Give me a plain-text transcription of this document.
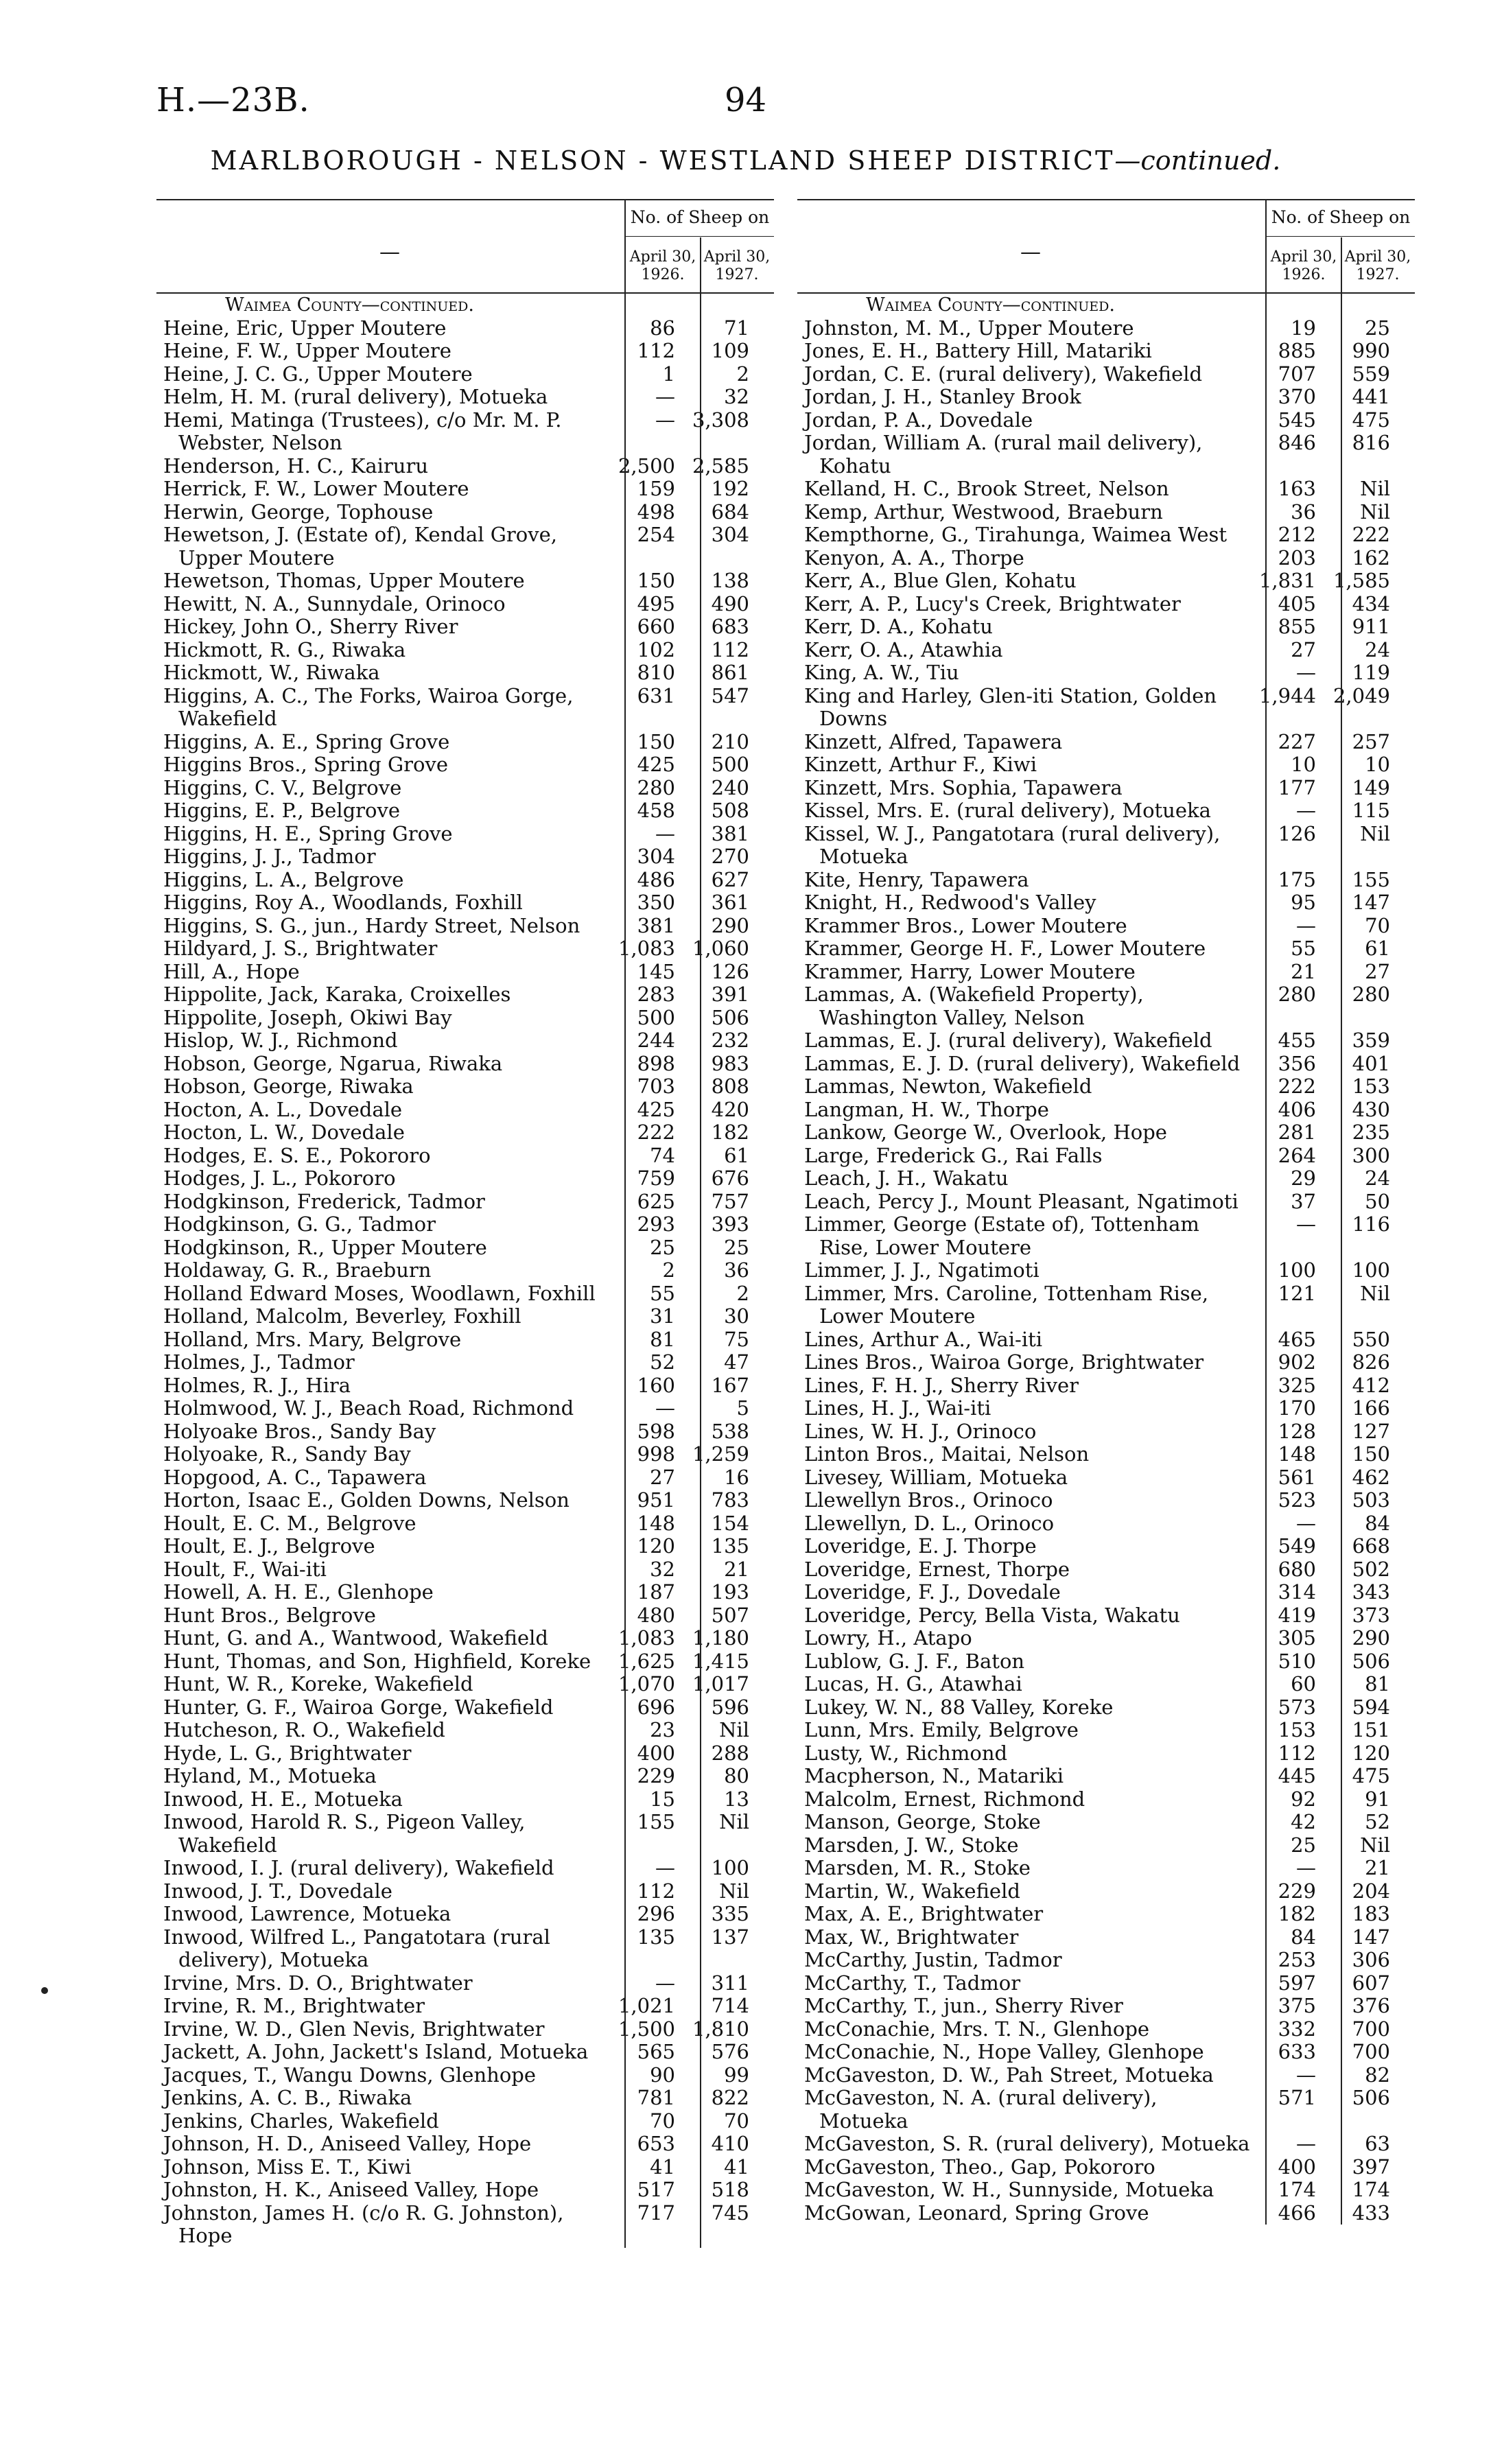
H.—23B.	94
MARLBOROUGH - NELSON - WESTLAND SHEEP DISTRICT—continued.
—
No. of Sheep on
April 30, 1926.
April 30, 1927.
Waimea County—continued.
Heine, Eric, Upper Moutere	86	71
Heine, F. W., Upper Moutere	112	109
Heine, J. C. G., Upper Moutere	1	2
Helm, H. M. (rural delivery), Motueka	—	32
Hemi, Matinga (Trustees), c/o Mr. M. P. Webster, Nelson
— 3,308
Henderson, H. C., Kairuru	2,500 2,585
Herrick, F. W., Lower Moutere	159	192
Herwin, George, Tophouse	498	684
Hewetson, J. (Estate of), Kendal Grove, Upper Moutere
254	304
Hewetson, Thomas, Upper Moutere	150	138
Hewitt, N. A., Sunnydale, Orinoco	495	490
Hickey, John O., Sherry River	660	683
Hickmott, R. G., Riwaka	102	112
Hickmott, W., Riwaka	810	861
Higgins, A. C., The Forks, Wairoa Gorge, Wakefield
631	547
Higgins, A. E., Spring Grove	150	210
Higgins Bros., Spring Grove	425	500
Higgins, C. V., Belgrove	280	240
Higgins, E. P., Belgrove	458	508
Higgins, H. E., Spring Grove	—	381
Higgins, J. J., Tadmor	304	270
Higgins, L. A., Belgrove	486	627
Higgins, Roy A., Woodlands, Foxhill	350	361
Higgins, S. G., jun., Hardy Street, Nelson	381	290
Hildyard, J. S., Brightwater	1,083 1,060
Hill, A., Hope	145	126
Hippolite, Jack, Karaka, Croixelles	283	391
Hippolite, Joseph, Okiwi Bay	500	506
Hislop, W. J., Richmond	244	232
Hobson, George, Ngarua, Riwaka	898	983
Hobson, George, Riwaka	703	808
Hocton, A. L., Dovedale	425	420
Hocton, L. W., Dovedale	222	182
Hodges, E. S. E., Pokororo	74	61
Hodges, J. L., Pokororo	759	676
Hodgkinson, Frederick, Tadmor	625	757
Hodgkinson, G. G., Tadmor	293	393
Hodgkinson, R., Upper Moutere	25	25
Holdaway, G. R., Braeburn	2	36
Holland Edward Moses, Woodlawn, Foxhill	55	2
Holland, Malcolm, Beverley, Foxhill	31	30
Holland, Mrs. Mary, Belgrove	81	75
Holmes, J., Tadmor	52	47
Holmes, R. J., Hira	160	167
Holmwood, W. J., Beach Road, Richmond	—	5
Holyoake Bros., Sandy Bay	598	538
Holyoake, R., Sandy Bay	998 1,259
Hopgood, A. C., Tapawera	27	16
Horton, Isaac E., Golden Downs, Nelson	951	783
Hoult, E. C. M., Belgrove	148	154
Hoult, E. J., Belgrove	120	135
Hoult, F., Wai-iti	32	21
Howell, A. H. E., Glenhope	187	193
Hunt Bros., Belgrove	480	507
Hunt, G. and A., Wantwood, Wakefield	1,083 1,180
Hunt, Thomas, and Son, Highfield, Koreke	1,625 1,415
Hunt, W. R., Koreke, Wakefield	1,070 1,017
Hunter, G. F., Wairoa Gorge, Wakefield	696	596
Hutcheson, R. O., Wakefield	23	Nil
Hyde, L. G., Brightwater	400	288
Hyland, M., Motueka	229	80
Inwood, H. E., Motueka	15	13
Inwood, Harold R. S., Pigeon Valley, Wakefield
155	Nil
Inwood, I. J. (rural delivery), Wakefield	—	100
Inwood, J. T., Dovedale	112	Nil
Inwood, Lawrence, Motueka	296	335
Inwood, Wilfred L., Pangatotara (rural delivery), Motueka
135	137
Irvine, Mrs. D. O., Brightwater	—	311
Irvine, R. M., Brightwater	1,021	714
Irvine, W. D., Glen Nevis, Brightwater	1,500 1,810
Jackett, A. John, Jackett's Island, Motueka	565	576
Jacques, T., Wangu Downs, Glenhope	90	99
Jenkins, A. C. B., Riwaka	781	822
Jenkins, Charles, Wakefield	70	70
Johnson, H. D., Aniseed Valley, Hope	653	410
Johnson, Miss E. T., Kiwi	41	41
Johnston, H. K., Aniseed Valley, Hope	517	518
Johnston, James H. (c/o R. G. Johnston), Hope
717	745
—
No. of Sheep on
April 30, 1926.
April 30, 1927.
Waimea County—continued.
Johnston, M. M., Upper Moutere	19	25
Jones, E. H., Battery Hill, Matariki	885	990
Jordan, C. E. (rural delivery), Wakefield	707	559
Jordan, J. H., Stanley Brook	370	441
Jordan, P. A., Dovedale	545	475
Jordan, William A. (rural mail delivery), Kohatu
846	816
Kelland, H. C., Brook Street, Nelson	163	Nil
Kemp, Arthur, Westwood, Braeburn	36	Nil
Kempthorne, G., Tirahunga, Waimea West	212	222
Kenyon, A. A., Thorpe	203	162
Kerr, A., Blue Glen, Kohatu	1,831 1,585
Kerr, A. P., Lucy's Creek, Brightwater	405	434
Kerr, D. A., Kohatu	855	911
Kerr, O. A., Atawhia	27	24
King, A. W., Tiu	—	119
King and Harley, Glen-iti Station, Golden Downs
1,944 2,049
Kinzett, Alfred, Tapawera	227	257
Kinzett, Arthur F., Kiwi	10	10
Kinzett, Mrs. Sophia, Tapawera	177	149
Kissel, Mrs. E. (rural delivery), Motueka	—	115
Kissel, W. J., Pangatotara (rural delivery), Motueka
126	Nil
Kite, Henry, Tapawera	175	155
Knight, H., Redwood's Valley	95	147
Krammer Bros., Lower Moutere	—	70
Krammer, George H. F., Lower Moutere	55	61
Krammer, Harry, Lower Moutere	21	27
Lammas, A. (Wakefield Property), Washington Valley, Nelson
280	280
Lammas, E. J. (rural delivery), Wakefield	455	359
Lammas, E. J. D. (rural delivery), Wakefield	356	401
Lammas, Newton, Wakefield	222	153
Langman, H. W., Thorpe	406	430
Lankow, George W., Overlook, Hope	281	235
Large, Frederick G., Rai Falls	264	300
Leach, J. H., Wakatu	29	24
Leach, Percy J., Mount Pleasant, Ngatimoti	37	50
Limmer, George (Estate of), Tottenham Rise, Lower Moutere
—	116
Limmer, J. J., Ngatimoti	100	100
Limmer, Mrs. Caroline, Tottenham Rise, Lower Moutere
121	Nil
Lines, Arthur A., Wai-iti	465	550
Lines Bros., Wairoa Gorge, Brightwater	902	826
Lines, F. H. J., Sherry River	325	412
Lines, H. J., Wai-iti	170	166
Lines, W. H. J., Orinoco	128	127
Linton Bros., Maitai, Nelson	148	150
Livesey, William, Motueka	561	462
Llewellyn Bros., Orinoco	523	503
Llewellyn, D. L., Orinoco	—	84
Loveridge, E. J. Thorpe	549	668
Loveridge, Ernest, Thorpe	680	502
Loveridge, F. J., Dovedale	314	343
Loveridge, Percy, Bella Vista, Wakatu	419	373
Lowry, H., Atapo	305	290
Lublow, G. J. F., Baton	510	506
Lucas, H. G., Atawhai	60	81
Lukey, W. N., 88 Valley, Koreke	573	594
Lunn, Mrs. Emily, Belgrove	153	151
Lusty, W., Richmond	112	120
Macpherson, N., Matariki	445	475
Malcolm, Ernest, Richmond	92	91
Manson, George, Stoke	42	52
Marsden, J. W., Stoke	25	Nil
Marsden, M. R., Stoke	—	21
Martin, W., Wakefield	229	204
Max, A. E., Brightwater	182	183
Max, W., Brightwater	84	147
McCarthy, Justin, Tadmor	253	306
McCarthy, T., Tadmor	597	607
McCarthy, T., jun., Sherry River	375	376
McConachie, Mrs. T. N., Glenhope	332	700
McConachie, N., Hope Valley, Glenhope	633	700
McGaveston, D. W., Pah Street, Motueka	—	82
McGaveston, N. A. (rural delivery), Motueka
571	506
McGaveston, S. R. (rural delivery), Motueka	—	63
McGaveston, Theo., Gap, Pokororo	400	397
McGaveston, W. H., Sunnyside, Motueka	174	174
McGowan, Leonard, Spring Grove	466	433
